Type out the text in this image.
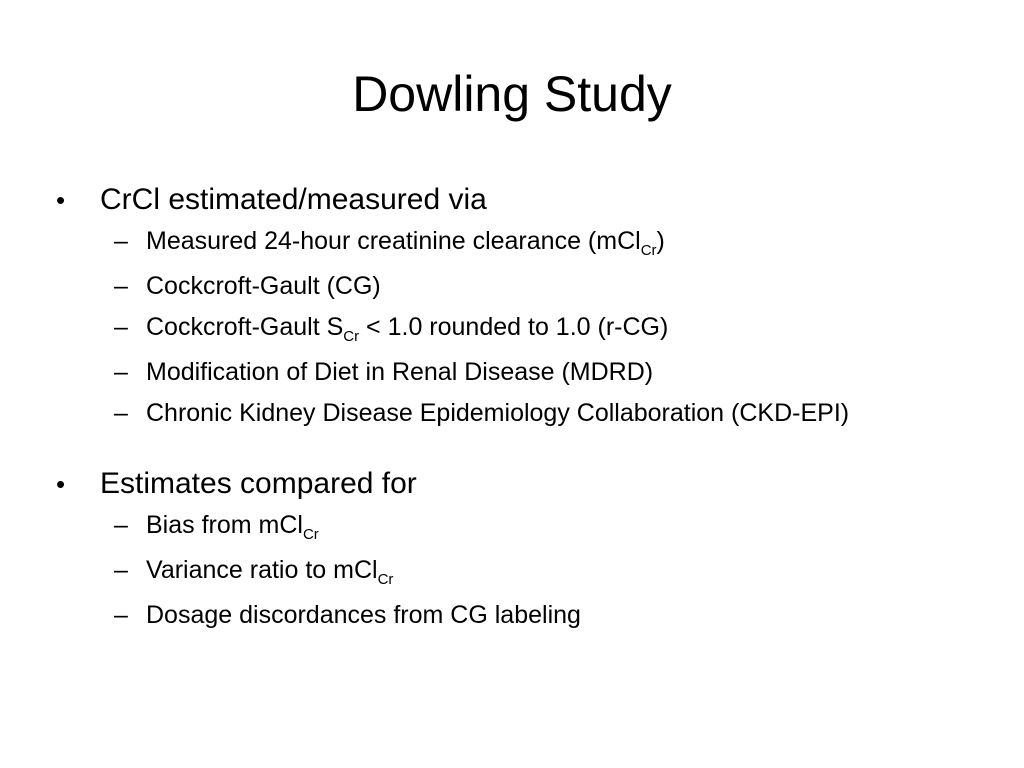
Dowling Study
•	CrCl estimated/measured via
– Measured 24-hour creatinine clearance (mCl$_{Cr}$)
– Cockcroft-Gault (CG)
– Cockcroft-Gault $S_{Cr} < 1.0$ rounded to 1.0 (r-CG)
– Modification of Diet in Renal Disease (MDRD)
– Chronic Kidney Disease Epidemiology Collaboration (CKD-EPI)
•	Estimates compared for
– Bias from mCl$_{Cr}$
– Variance ratio to mCl$_{Cr}$
– Dosage discordances from CG labeling
